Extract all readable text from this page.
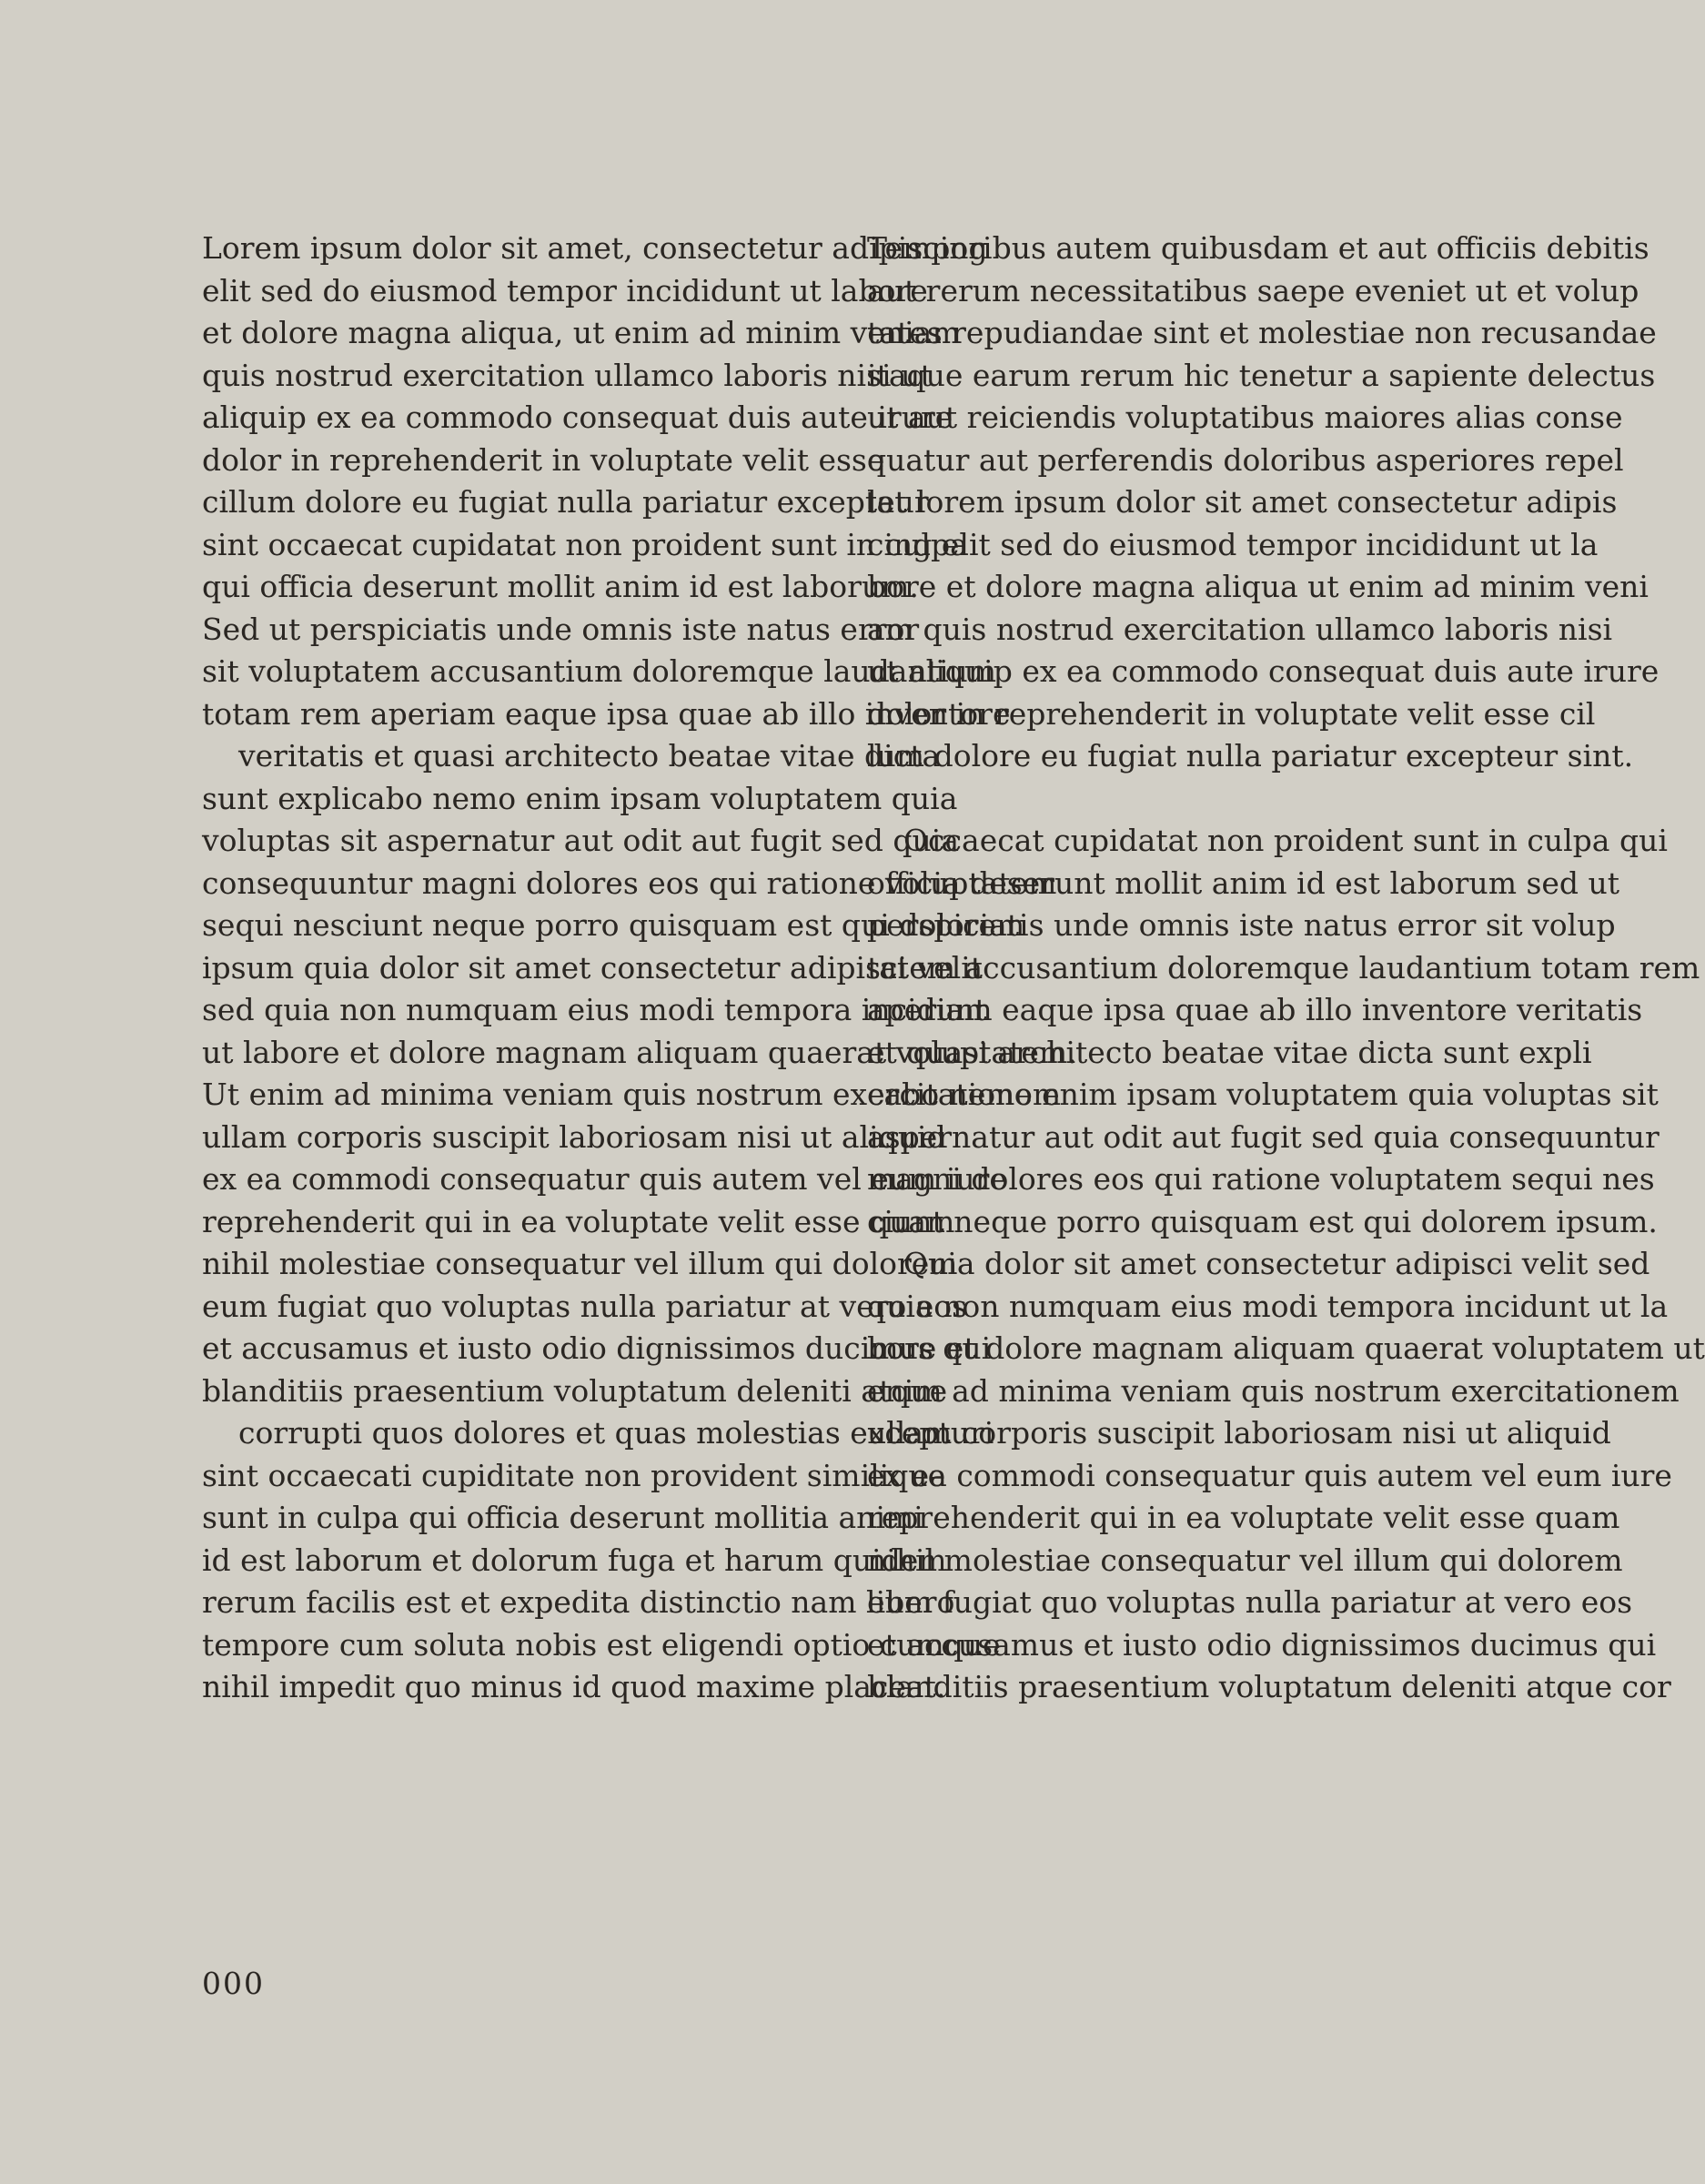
Lorem ipsum dolor sit amet, consectetur adipiscing
elit sed do eiusmod tempor incididunt ut labore
et dolore magna aliqua, ut enim ad minim veniam
quis nostrud exercitation ullamco laboris nisi ut
aliquip ex ea commodo consequat duis aute irure
dolor in reprehenderit in voluptate velit esse
cillum dolore eu fugiat nulla pariatur excepteur
sint occaecat cupidatat non proident sunt in culpa
qui officia deserunt mollit anim id est laborum.
Sed ut perspiciatis unde omnis iste natus error
sit voluptatem accusantium doloremque laudantium
totam rem aperiam eaque ipsa quae ab illo inventore
veritatis et quasi architecto beatae vitae dicta
sunt explicabo nemo enim ipsam voluptatem quia
voluptas sit aspernatur aut odit aut fugit sed quia
consequuntur magni dolores eos qui ratione voluptatem
sequi nesciunt neque porro quisquam est qui dolorem
ipsum quia dolor sit amet consectetur adipisci velit
sed quia non numquam eius modi tempora incidunt
ut labore et dolore magnam aliquam quaerat voluptatem.
Ut enim ad minima veniam quis nostrum exercitationem
ullam corporis suscipit laboriosam nisi ut aliquid
ex ea commodi consequatur quis autem vel eum iure
reprehenderit qui in ea voluptate velit esse quam
nihil molestiae consequatur vel illum qui dolorem
eum fugiat quo voluptas nulla pariatur at vero eos
et accusamus et iusto odio dignissimos ducimus qui
blanditiis praesentium voluptatum deleniti atque
corrupti quos dolores et quas molestias excepturi
sint occaecati cupiditate non provident similique
sunt in culpa qui officia deserunt mollitia animi
id est laborum et dolorum fuga et harum quidem
rerum facilis est et expedita distinctio nam libero
tempore cum soluta nobis est eligendi optio cumque
nihil impedit quo minus id quod maxime placeat.
Temporibus autem quibusdam et aut officiis debitis
aut rerum necessitatibus saepe eveniet ut et volup
tates repudiandae sint et molestiae non recusandae
itaque earum rerum hic tenetur a sapiente delectus
ut aut reiciendis voluptatibus maiores alias conse
quatur aut perferendis doloribus asperiores repel
lat lorem ipsum dolor sit amet consectetur adipis
cing elit sed do eiusmod tempor incididunt ut la
bore et dolore magna aliqua ut enim ad minim veni
am quis nostrud exercitation ullamco laboris nisi
ut aliquip ex ea commodo consequat duis aute irure
dolor in reprehenderit in voluptate velit esse cil
lum dolore eu fugiat nulla pariatur excepteur sint.
Occaecat cupidatat non proident sunt in culpa qui
officia deserunt mollit anim id est laborum sed ut
perspiciatis unde omnis iste natus error sit volup
tatem accusantium doloremque laudantium totam rem
aperiam eaque ipsa quae ab illo inventore veritatis
et quasi architecto beatae vitae dicta sunt expli
cabo nemo enim ipsam voluptatem quia voluptas sit
aspernatur aut odit aut fugit sed quia consequuntur
magni dolores eos qui ratione voluptatem sequi nes
ciunt neque porro quisquam est qui dolorem ipsum.
Quia dolor sit amet consectetur adipisci velit sed
quia non numquam eius modi tempora incidunt ut la
bore et dolore magnam aliquam quaerat voluptatem ut
enim ad minima veniam quis nostrum exercitationem
ullam corporis suscipit laboriosam nisi ut aliquid
ex ea commodi consequatur quis autem vel eum iure
reprehenderit qui in ea voluptate velit esse quam
nihil molestiae consequatur vel illum qui dolorem
eum fugiat quo voluptas nulla pariatur at vero eos
et accusamus et iusto odio dignissimos ducimus qui
blanditiis praesentium voluptatum deleniti atque cor
000
